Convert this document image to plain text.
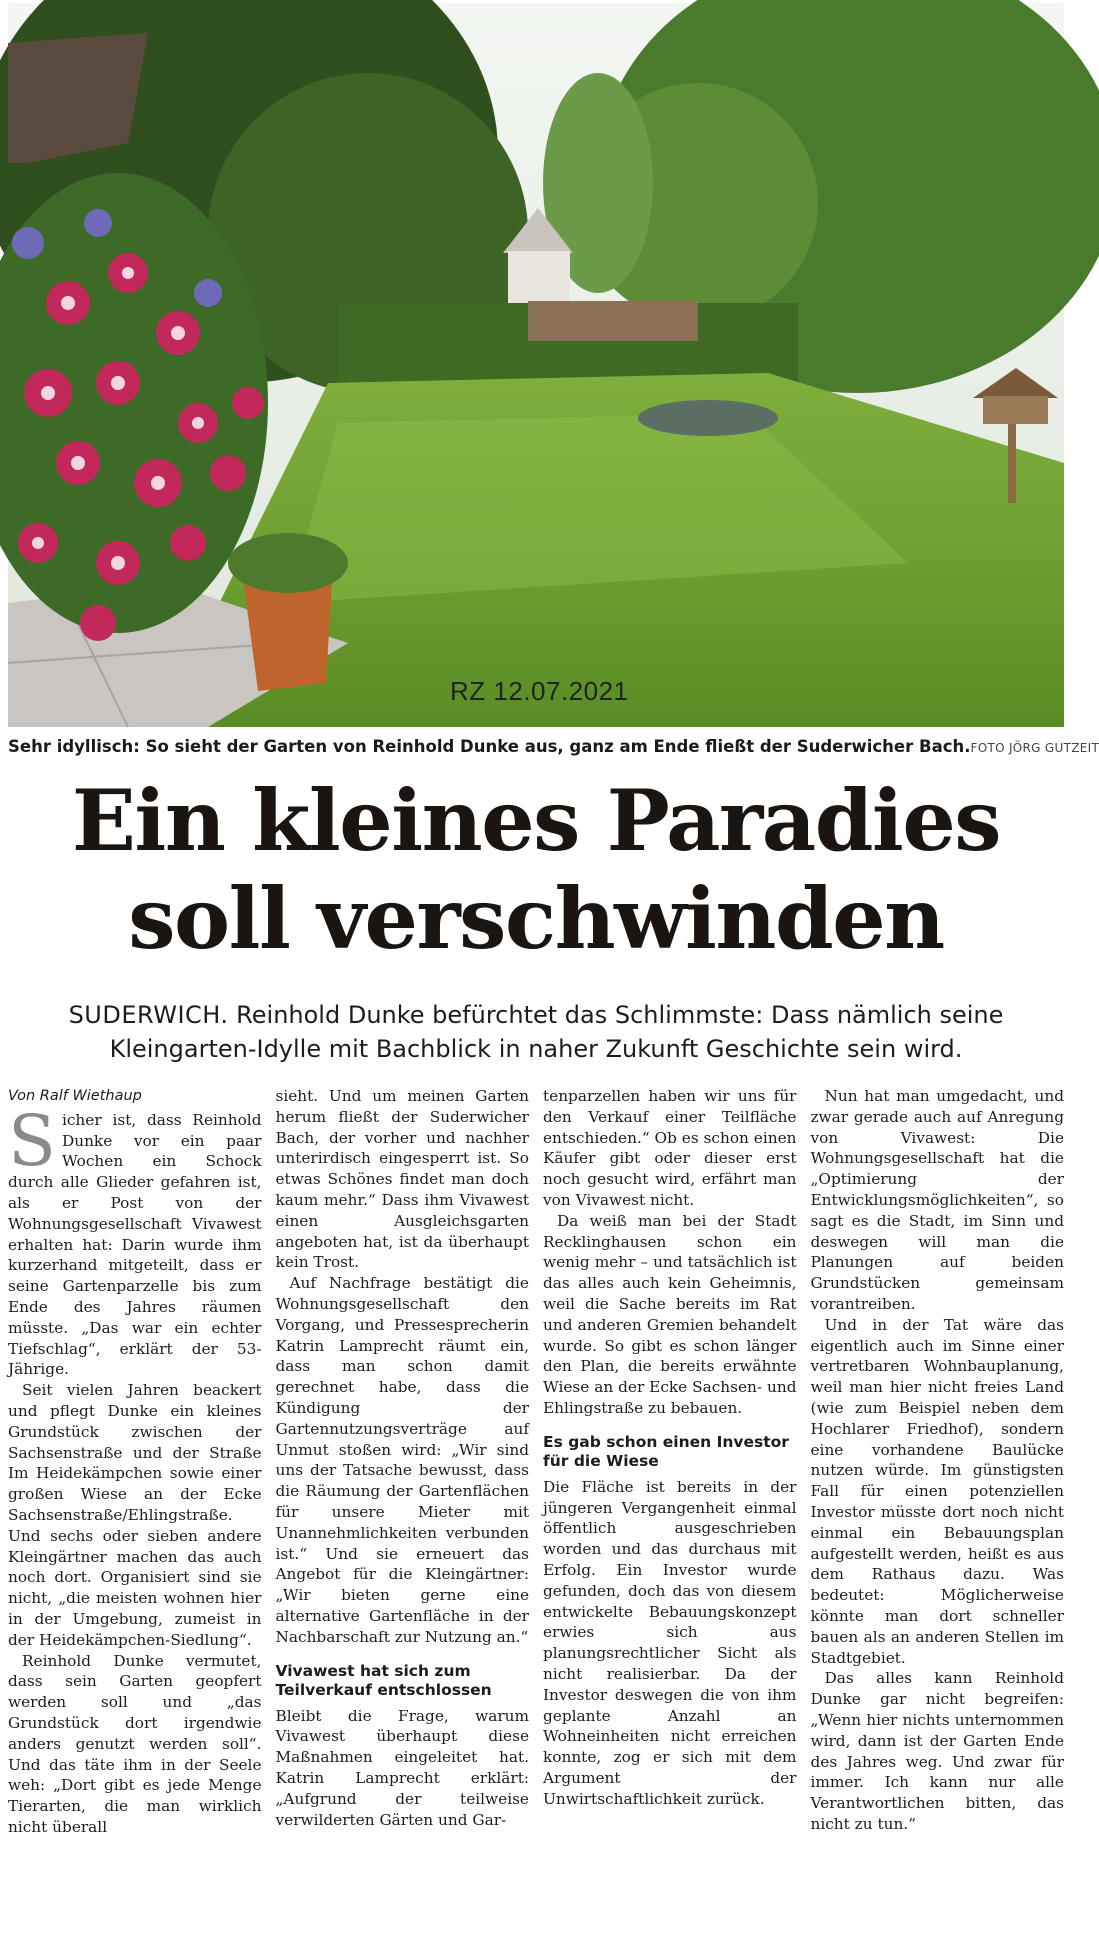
RZ 12.07.2021
Sehr idyllisch: So sieht der Garten von Reinhold Dunke aus, ganz am Ende fließt der Suderwicher Bach. FOTO JÖRG GUTZEIT
Ein kleines Paradies
soll verschwinden
SUDERWICH. Reinhold Dunke befürchtet das Schlimmste: Dass nämlich seine Kleingarten-Idylle mit Bachblick in naher Zukunft Geschichte sein wird.
Von Ralf Wiethaup

Sicher ist, dass Reinhold Dunke vor ein paar Wochen ein Schock durch alle Glieder gefahren ist, als er Post von der Wohnungsgesellschaft Vivawest erhalten hat: Darin wurde ihm kurzerhand mitgeteilt, dass er seine Gartenparzelle bis zum Ende des Jahres räumen müsste. „Das war ein echter Tiefschlag“, erklärt der 53-Jährige.

Seit vielen Jahren beackert und pflegt Dunke ein kleines Grundstück zwischen der Sachsenstraße und der Straße Im Heidekämpchen sowie einer großen Wiese an der Ecke Sachsenstraße/Ehlingstraße. Und sechs oder sieben andere Kleingärtner machen das auch noch dort. Organisiert sind sie nicht, „die meisten wohnen hier in der Umgebung, zumeist in der Heidekämpchen-Siedlung“.

Reinhold Dunke vermutet, dass sein Garten geopfert werden soll und „das Grundstück dort irgendwie anders genutzt werden soll“. Und das täte ihm in der Seele weh: „Dort gibt es jede Menge Tierarten, die man wirklich nicht überall

sieht. Und um meinen Garten herum fließt der Suderwicher Bach, der vorher und nachher unterirdisch eingesperrt ist. So etwas Schönes findet man doch kaum mehr.“ Dass ihm Vivawest einen Ausgleichsgarten angeboten hat, ist da überhaupt kein Trost.

Auf Nachfrage bestätigt die Wohnungsgesellschaft den Vorgang, und Pressesprecherin Katrin Lamprecht räumt ein, dass man schon damit gerechnet habe, dass die Kündigung der Gartennutzungsverträge auf Unmut stoßen wird: „Wir sind uns der Tatsache bewusst, dass die Räumung der Gartenflächen für unsere Mieter mit Unannehmlichkeiten verbunden ist.“ Und sie erneuert das Angebot für die Kleingärtner: „Wir bieten gerne eine alternative Gartenfläche in der Nachbarschaft zur Nutzung an.“

Vivawest hat sich zum Teilverkauf entschlossen

Bleibt die Frage, warum Vivawest überhaupt diese Maßnahmen eingeleitet hat. Katrin Lamprecht erklärt: „Aufgrund der teilweise verwilderten Gärten und Gar-

tenparzellen haben wir uns für den Verkauf einer Teilfläche entschieden.“ Ob es schon einen Käufer gibt oder dieser erst noch gesucht wird, erfährt man von Vivawest nicht.

Da weiß man bei der Stadt Recklinghausen schon ein wenig mehr – und tatsächlich ist das alles auch kein Geheimnis, weil die Sache bereits im Rat und anderen Gremien behandelt wurde. So gibt es schon länger den Plan, die bereits erwähnte Wiese an der Ecke Sachsen- und Ehlingstraße zu bebauen.

Es gab schon einen Investor für die Wiese

Die Fläche ist bereits in der jüngeren Vergangenheit einmal öffentlich ausgeschrieben worden und das durchaus mit Erfolg. Ein Investor wurde gefunden, doch das von diesem entwickelte Bebauungskonzept erwies sich aus planungsrechtlicher Sicht als nicht realisierbar. Da der Investor deswegen die von ihm geplante Anzahl an Wohneinheiten nicht erreichen konnte, zog er sich mit dem Argument der Unwirtschaftlichkeit zurück.

Nun hat man umgedacht, und zwar gerade auch auf Anregung von Vivawest: Die Wohnungsgesellschaft hat die „Optimierung der Entwicklungsmöglichkeiten“, so sagt es die Stadt, im Sinn und deswegen will man die Planungen auf beiden Grundstücken gemeinsam vorantreiben.

Und in der Tat wäre das eigentlich auch im Sinne einer vertretbaren Wohnbauplanung, weil man hier nicht freies Land (wie zum Beispiel neben dem Hochlarer Friedhof), sondern eine vorhandene Baulücke nutzen würde. Im günstigsten Fall für einen potenziellen Investor müsste dort noch nicht einmal ein Bebauungsplan aufgestellt werden, heißt es aus dem Rathaus dazu. Was bedeutet: Möglicherweise könnte man dort schneller bauen als an anderen Stellen im Stadtgebiet.

Das alles kann Reinhold Dunke gar nicht begreifen: „Wenn hier nichts unternommen wird, dann ist der Garten Ende des Jahres weg. Und zwar für immer. Ich kann nur alle Verantwortlichen bitten, das nicht zu tun.“
